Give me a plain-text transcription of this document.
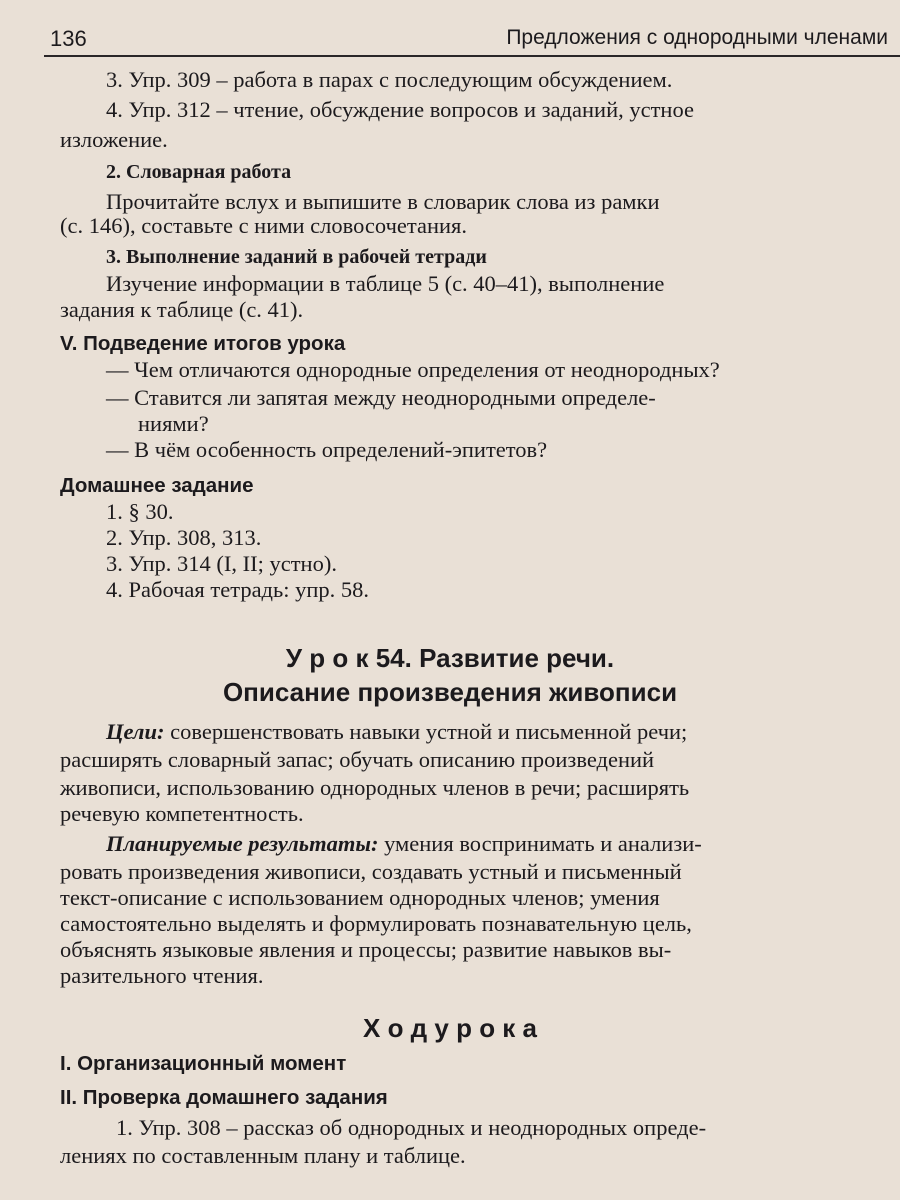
136	Предложения с однородными членами
3. Упр. 309 – работа в парах с последующим обсуждением.
4. Упр. 312 – чтение, обсуждение вопросов и заданий, устное
изложение.
2. Словарная работа
Прочитайте вслух и выпишите в словарик слова из рамки
(с. 146), составьте с ними словосочетания.
3. Выполнение заданий в рабочей тетради
Изучение информации в таблице 5 (с. 40–41), выполнение
задания к таблице (с. 41).
V. Подведение итогов урока
— Чем отличаются однородные определения от неоднородных?
— Ставится ли запятая между неоднородными определе-
ниями?
— В чём особенность определений-эпитетов?
Домашнее задание
1. § 30.
2. Упр. 308, 313.
3. Упр. 314 (I, II; устно).
4. Рабочая тетрадь: упр. 58.
У р о к 54. Развитие речи.
Описание произведения живописи
Цели: совершенствовать навыки устной и письменной речи;
расширять словарный запас; обучать описанию произведений
живописи, использованию однородных членов в речи; расширять
речевую компетентность.
Планируемые результаты: умения воспринимать и анализи-
ровать произведения живописи, создавать устный и письменный
текст-описание с использованием однородных членов; умения
самостоятельно выделять и формулировать познавательную цель,
объяснять языковые явления и процессы; развитие навыков вы-
разительного чтения.
Х о д у р о к а
I. Организационный момент
II. Проверка домашнего задания
1. Упр. 308 – рассказ об однородных и неоднородных опреде-
лениях по составленным плану и таблице.
